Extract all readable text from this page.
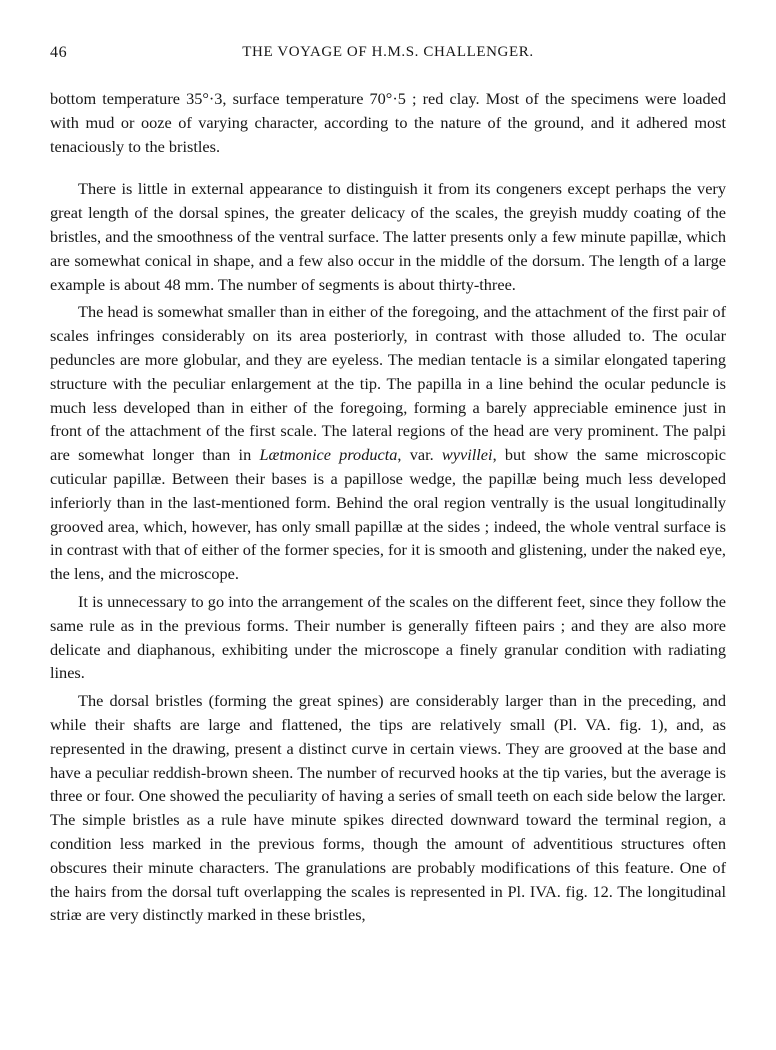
46	THE VOYAGE OF H.M.S. CHALLENGER.

bottom temperature 35°·3, surface temperature 70°·5 ; red clay. Most of the specimens were loaded with mud or ooze of varying character, according to the nature of the ground, and it adhered most tenaciously to the bristles.

There is little in external appearance to distinguish it from its congeners except perhaps the very great length of the dorsal spines, the greater delicacy of the scales, the greyish muddy coating of the bristles, and the smoothness of the ventral surface. The latter presents only a few minute papillæ, which are somewhat conical in shape, and a few also occur in the middle of the dorsum. The length of a large example is about 48 mm. The number of segments is about thirty-three.

The head is somewhat smaller than in either of the foregoing, and the attachment of the first pair of scales infringes considerably on its area posteriorly, in contrast with those alluded to. The ocular peduncles are more globular, and they are eyeless. The median tentacle is a similar elongated tapering structure with the peculiar enlargement at the tip. The papilla in a line behind the ocular peduncle is much less developed than in either of the foregoing, forming a barely appreciable eminence just in front of the attachment of the first scale. The lateral regions of the head are very prominent. The palpi are somewhat longer than in Lætmonice producta, var. wyvillei, but show the same microscopic cuticular papillæ. Between their bases is a papillose wedge, the papillæ being much less developed inferiorly than in the last-mentioned form. Behind the oral region ventrally is the usual longitudinally grooved area, which, however, has only small papillæ at the sides ; indeed, the whole ventral surface is in contrast with that of either of the former species, for it is smooth and glistening, under the naked eye, the lens, and the microscope.

It is unnecessary to go into the arrangement of the scales on the different feet, since they follow the same rule as in the previous forms. Their number is generally fifteen pairs ; and they are also more delicate and diaphanous, exhibiting under the microscope a finely granular condition with radiating lines.

The dorsal bristles (forming the great spines) are considerably larger than in the preceding, and while their shafts are large and flattened, the tips are relatively small (Pl. VA. fig. 1), and, as represented in the drawing, present a distinct curve in certain views. They are grooved at the base and have a peculiar reddish-brown sheen. The number of recurved hooks at the tip varies, but the average is three or four. One showed the peculiarity of having a series of small teeth on each side below the larger. The simple bristles as a rule have minute spikes directed downward toward the terminal region, a condition less marked in the previous forms, though the amount of adventitious structures often obscures their minute characters. The granulations are probably modifications of this feature. One of the hairs from the dorsal tuft overlapping the scales is represented in Pl. IVA. fig. 12. The longitudinal striæ are very distinctly marked in these bristles,
